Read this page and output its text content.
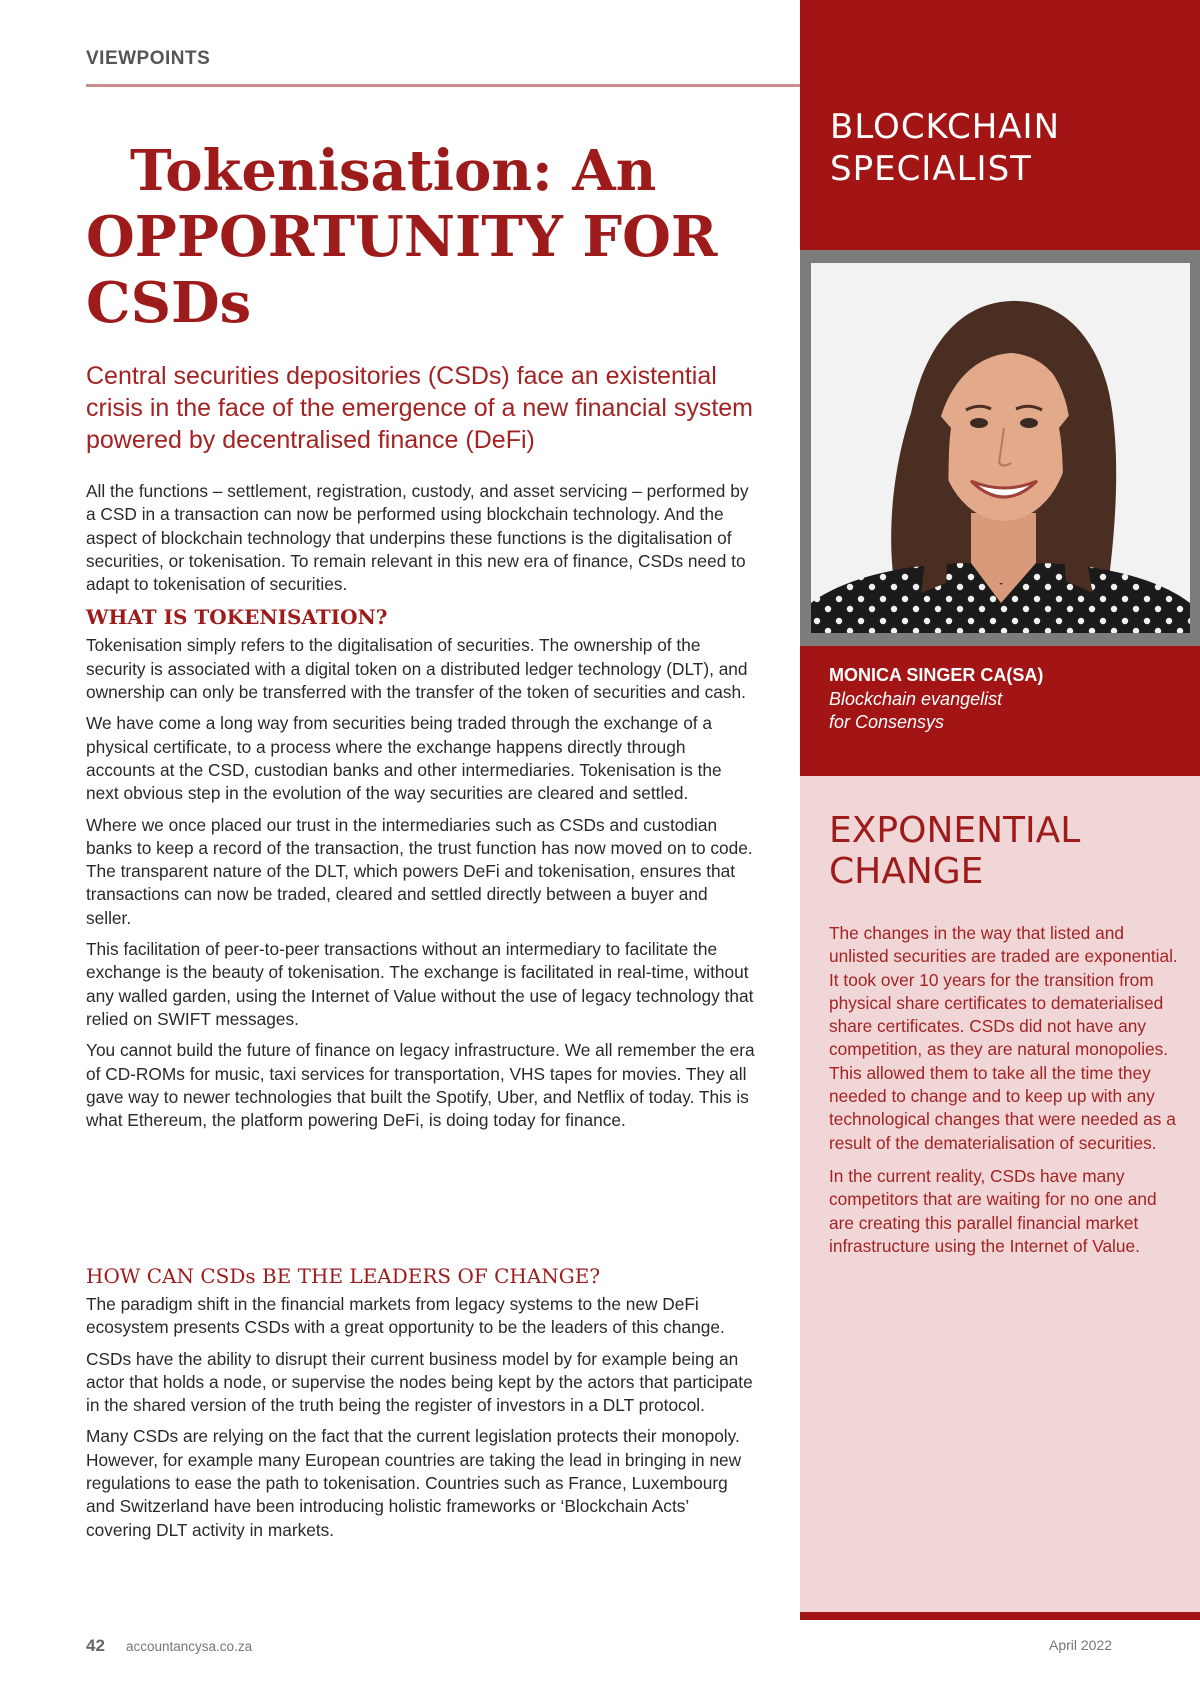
VIEWPOINTS
Tokenisation: An
OPPORTUNITY FOR
CSDs
Central securities depositories (CSDs) face an existential crisis in the face of the emergence of a new financial system powered by decentralised finance (DeFi)

All the functions – settlement, registration, custody, and asset servicing – performed by a CSD in a transaction can now be performed using blockchain technology. And the aspect of blockchain technology that underpins these functions is the digitalisation of securities, or tokenisation. To remain relevant in this new era of finance, CSDs need to adapt to tokenisation of securities.

WHAT IS TOKENISATION?

Tokenisation simply refers to the digitalisation of securities. The ownership of the security is associated with a digital token on a distributed ledger technology (DLT), and ownership can only be transferred with the transfer of the token of securities and cash.

We have come a long way from securities being traded through the exchange of a physical certificate, to a process where the exchange happens directly through accounts at the CSD, custodian banks and other intermediaries. Tokenisation is the next obvious step in the evolution of the way securities are cleared and settled.

Where we once placed our trust in the intermediaries such as CSDs and custodian banks to keep a record of the transaction, the trust function has now moved on to code. The transparent nature of the DLT, which powers DeFi and tokenisation, ensures that transactions can now be traded, cleared and settled directly between a buyer and seller.

This facilitation of peer-to-peer transactions without an intermediary to facilitate the exchange is the beauty of tokenisation. The exchange is facilitated in real-time, without any walled garden, using the Internet of Value without the use of legacy technology that relied on SWIFT messages.

You cannot build the future of finance on legacy infrastructure. We all remember the era of CD-ROMs for music, taxi services for transportation, VHS tapes for movies. They all gave way to newer technologies that built the Spotify, Uber, and Netflix of today. This is what Ethereum, the platform powering DeFi, is doing today for finance.

HOW CAN CSDs BE THE LEADERS OF CHANGE?

The paradigm shift in the financial markets from legacy systems to the new DeFi ecosystem presents CSDs with a great opportunity to be the leaders of this change.

CSDs have the ability to disrupt their current business model by for example being an actor that holds a node, or supervise the nodes being kept by the actors that participate in the shared version of the truth being the register of investors in a DLT protocol.

Many CSDs are relying on the fact that the current legislation protects their monopoly. However, for example many European countries are taking the lead in bringing in new regulations to ease the path to tokenisation. Countries such as France, Luxembourg and Switzerland have been introducing holistic frameworks or ‘Blockchain Acts’ covering DLT activity in markets.

BLOCKCHAIN
SPECIALIST
MONICA SINGER CA(SA)
Blockchain evangelist
for Consensys
EXPONENTIAL
CHANGE

The changes in the way that listed and unlisted securities are traded are exponential. It took over 10 years for the transition from physical share certificates to dematerialised share certificates. CSDs did not have any competition, as they are natural monopolies. This allowed them to take all the time they needed to change and to keep up with any technological changes that were needed as a result of the dematerialisation of securities.

In the current reality, CSDs have many competitors that are waiting for no one and are creating this parallel financial market infrastructure using the Internet of Value.

42 accountancysa.co.za	April 2022
